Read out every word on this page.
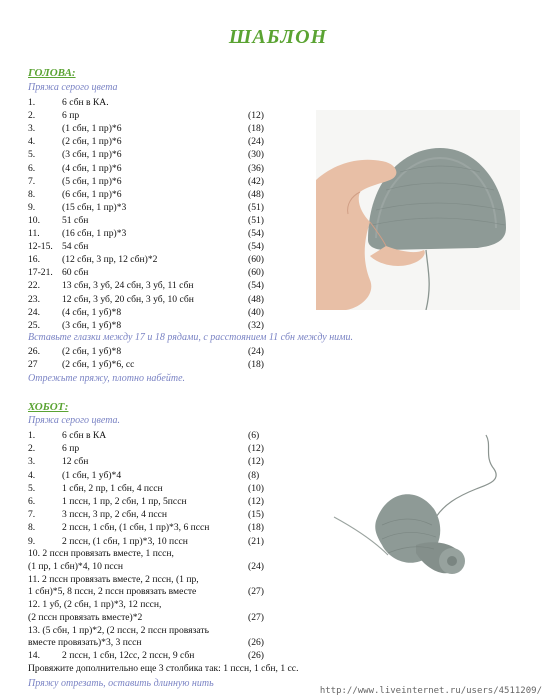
ШАБЛОН
ГОЛОВА:
Пряжа серого цвета
1.	6 сбн в КА.
2.	6 пр	(12)
3.	(1 сбн, 1 пр)*6	(18)
4.	(2 сбн, 1 пр)*6	(24)
5.	(3 сбн, 1 пр)*6	(30)
6.	(4 сбн, 1 пр)*6	(36)
7.	(5 сбн, 1 пр)*6	(42)
8.	(6 сбн, 1 пр)*6	(48)
9.	(15 сбн, 1 пр)*3	(51)
10. 51 сбн	(51)
11. (16 сбн, 1 пр)*3	(54)
12-15. 54 сбн	(54)
16. (12 сбн, 3 пр, 12 сбн)*2	(60)
17-21. 60 сбн	(60)
22. 13 сбн, 3 уб, 24 сбн, 3 уб, 11 сбн	(54)
23. 12 сбн, 3 уб, 20 сбн, 3 уб, 10 сбн	(48)
24. (4 сбн, 1 уб)*8	(40)
25. (3 сбн, 1 уб)*8	(32)
Вставьте глазки между 17 и 18 рядами, с расстоянием 11 сбн между ними.
26. (2 сбн, 1 уб)*8	(24)
27	(2 сбн, 1 уб)*6, сс	(18)
Отрежьте пряжу, плотно набейте.
ХОБОТ:
Пряжа серого цвета.
1.	6 сбн в КА	(6)
2.	6 пр	(12)
3.	12 сбн	(12)
4.	(1 сбн, 1 уб)*4	(8)
5.	1 сбн, 2 пр, 1 сбн, 4 пссн	(10)
6.	1 пссн, 1 пр, 2 сбн, 1 пр, 5пссн	(12)
7.	3 пссн, 3 пр, 2 сбн, 4 пссн	(15)
8.	2 пссн, 1 сбн, (1 сбн, 1 пр)*3, 6 пссн	(18)
9.	2 пссн, (1 сбн, 1 пр)*3, 10 пссн	(21)
10. 2 пссн провязать вместе, 1 пссн,
(1 пр, 1 сбн)*4, 10 пссн	(24)
11. 2 пссн провязать вместе, 2 пссн, (1 пр,
1 сбн)*5, 8 пссн, 2 пссн провязать вместе	(27)
12. 1 уб, (2 сбн, 1 пр)*3, 12 пссн,
(2 пссн провязать вместе)*2	(27)
13. (5 сбн, 1 пр)*2, (2 пссн, 2 пссн провязать
вместе провязать)*3, 3 пссн	(26)
14. 2 пссн, 1 сбн, 12сс, 2 пссн, 9 сбн	(26)
Провяжите дополнительно еще 3 столбика так: 1 пссн, 1 сбн, 1 сс.
Пряжу отрезать, оставить длинную нить
http://www.liveinternet.ru/users/4511209/
